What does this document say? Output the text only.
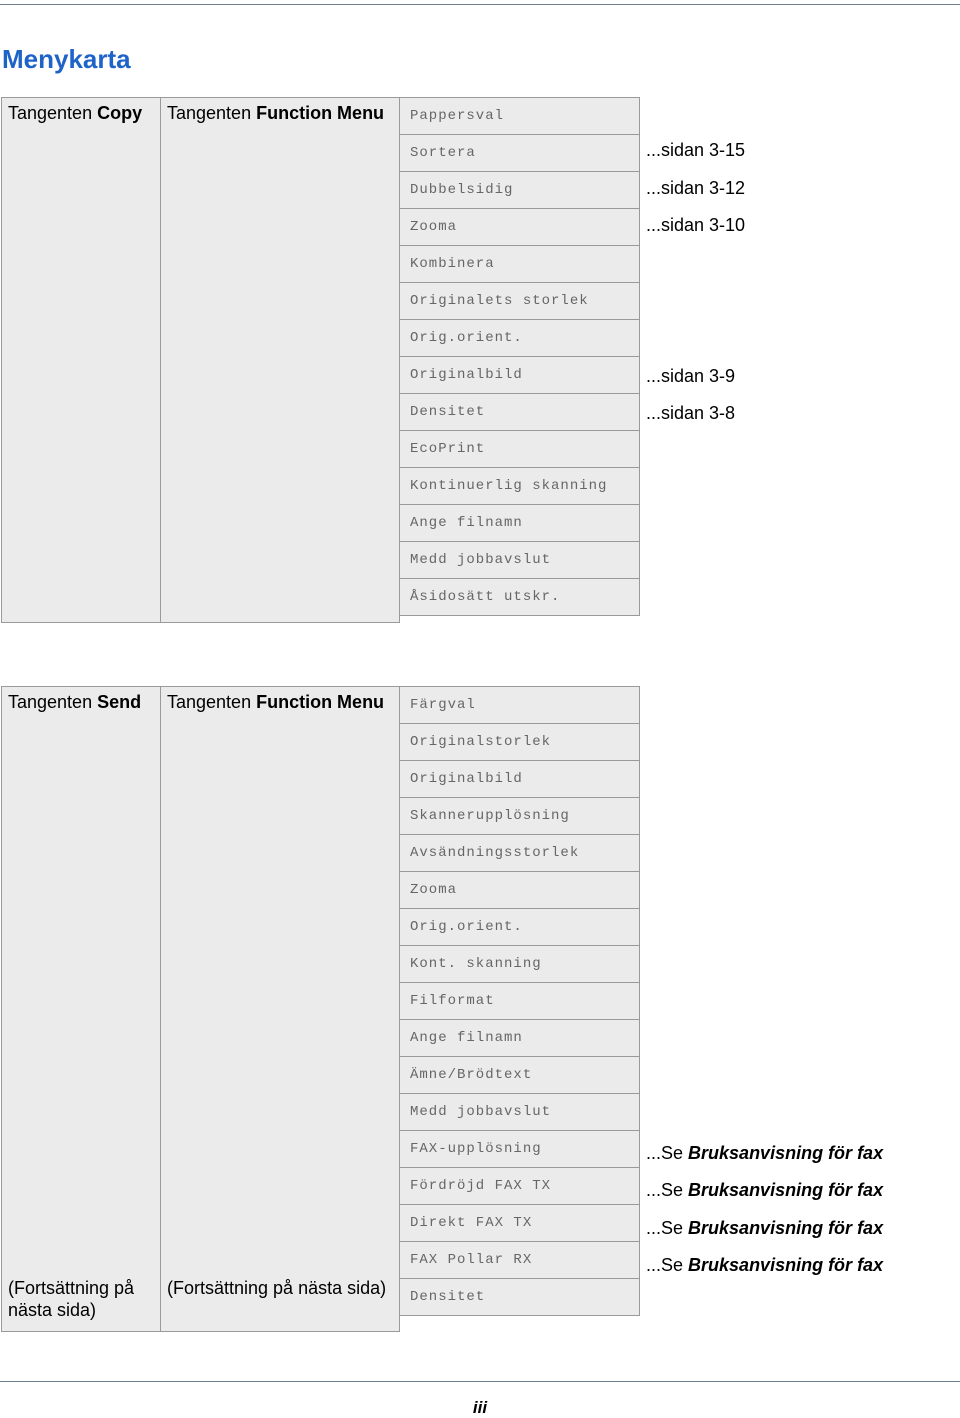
Menykarta
Tangenten Copy Tangenten Function Menu	Pappersval
Sortera
Dubbelsidig
Zooma
Kombinera
Originalets storlek
Orig.orient.
Originalbild
Densitet
EcoPrint
Kontinuerlig skanning
Ange filnamn
Medd jobbavslut
Åsidosätt utskr.
...sidan 3-15
...sidan 3-12
...sidan 3-10
...sidan 3-9
...sidan 3-8
Tangenten Send
(Fortsättning på nästa sida)
Tangenten Function Menu
(Fortsättning på nästa sida)
Färgval
Originalstorlek
Originalbild
Skannerupplösning
Avsändningsstorlek
Zooma
Orig.orient.
Kont. skanning
Filformat
Ange filnamn
Ämne/Brödtext
Medd jobbavslut
FAX-upplösning
Fördröjd FAX TX
Direkt FAX TX
FAX Pollar RX
Densitet
...Se Bruksanvisning för fax
...Se Bruksanvisning för fax
...Se Bruksanvisning för fax
...Se Bruksanvisning för fax
iii
